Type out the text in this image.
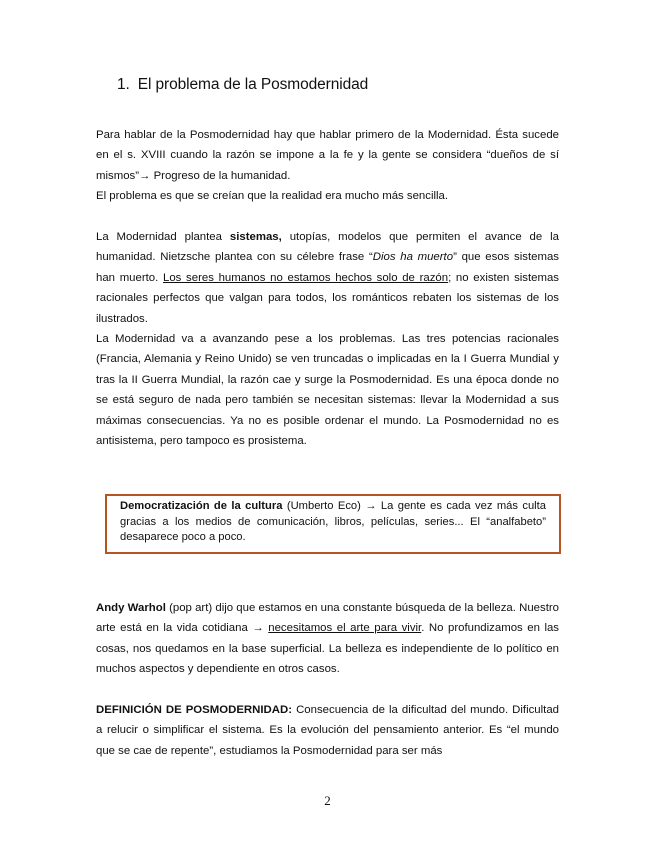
1. El problema de la Posmodernidad

Para hablar de la Posmodernidad hay que hablar primero de la Modernidad. Ésta sucede en el s. XVIII cuando la razón se impone a la fe y la gente se considera “dueños de sí mismos”→ Progreso de la humanidad.

El problema es que se creían que la realidad era mucho más sencilla.

La Modernidad plantea sistemas, utopías, modelos que permiten el avance de la humanidad. Nietzsche plantea con su célebre frase “Dios ha muerto” que esos sistemas han muerto. Los seres humanos no estamos hechos solo de razón; no existen sistemas racionales perfectos que valgan para todos, los románticos rebaten los sistemas de los ilustrados.

La Modernidad va a avanzando pese a los problemas. Las tres potencias racionales (Francia, Alemania y Reino Unido) se ven truncadas o implicadas en la I Guerra Mundial y tras la II Guerra Mundial, la razón cae y surge la Posmodernidad. Es una época donde no se está seguro de nada pero también se necesitan sistemas: llevar la Modernidad a sus máximas consecuencias. Ya no es posible ordenar el mundo. La Posmodernidad no es antisistema, pero tampoco es prosistema.

Democratización de la cultura (Umberto Eco) → La gente es cada vez más culta gracias a los medios de comunicación, libros, películas, series... El “analfabeto” desaparece poco a poco.

Andy Warhol (pop art) dijo que estamos en una constante búsqueda de la belleza. Nuestro arte está en la vida cotidiana → necesitamos el arte para vivir. No profundizamos en las cosas, nos quedamos en la base superficial. La belleza es independiente de lo político en muchos aspectos y dependiente en otros casos.

DEFINICIÓN DE POSMODERNIDAD: Consecuencia de la dificultad del mundo. Dificultad a relucir o simplificar el sistema. Es la evolución del pensamiento anterior. Es “el mundo que se cae de repente”, estudiamos la Posmodernidad para ser más

2
